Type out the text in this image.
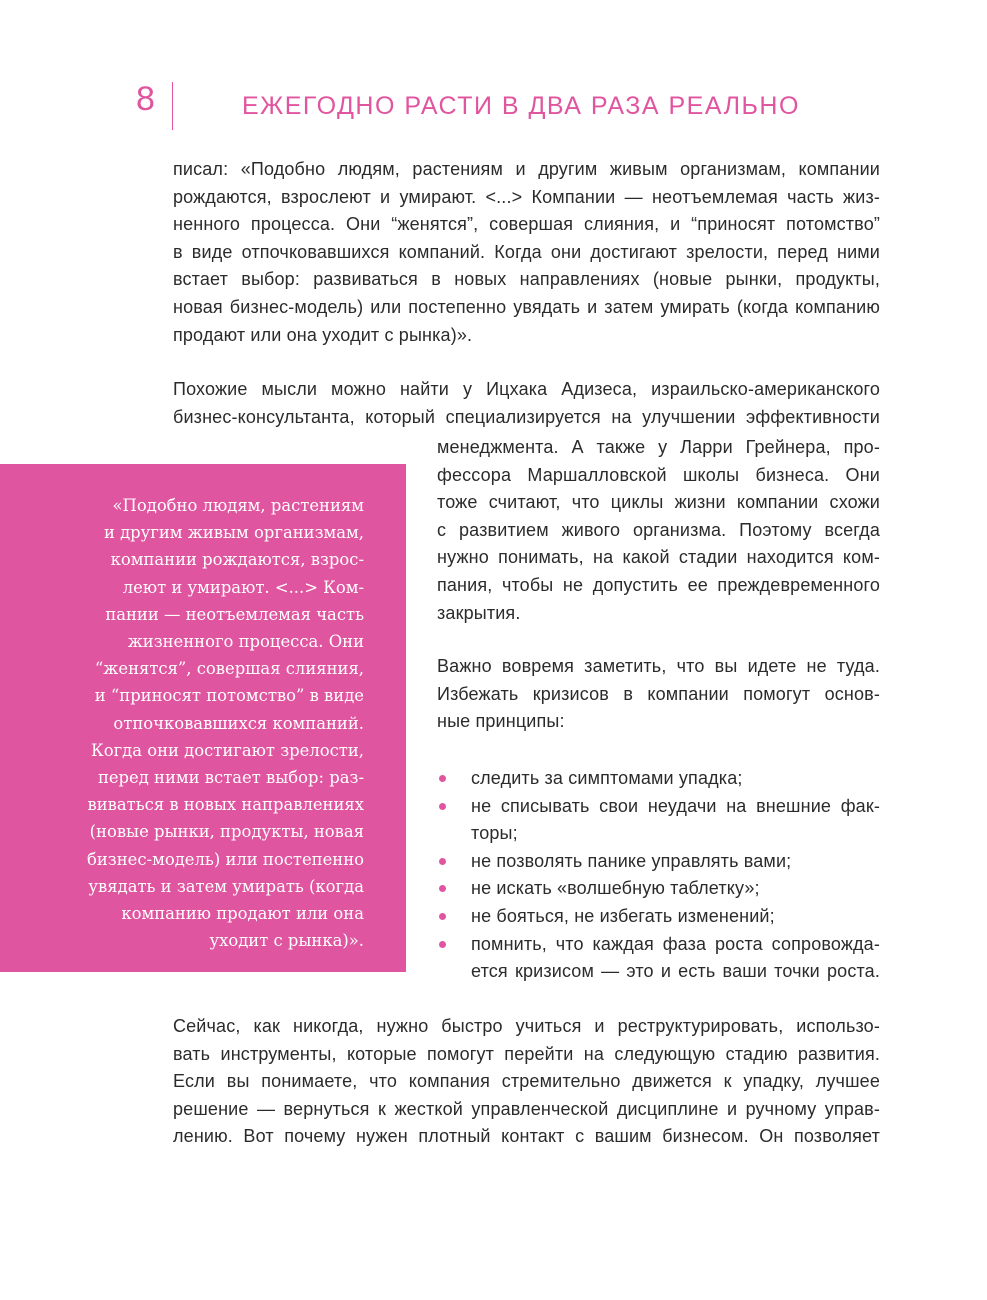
8	ЕЖЕГОДНО РАСТИ В ДВА РАЗА РЕАЛЬНО

писал: «Подобно людям, растениям и другим живым организмам, компании
рождаются, взрослеют и умирают. <...> Компании — неотъемлемая часть жиз-
ненного процесса. Они “женятся”, совершая слияния, и “приносят потомство”
в виде отпочковавшихся компаний. Когда они достигают зрелости, перед ними
встает выбор: развиваться в новых направлениях (новые рынки, продукты,
новая бизнес-модель) или постепенно увядать и затем умирать (когда компанию
продают или она уходит с рынка)».

Похожие мысли можно найти у Ицхака Адизеса, израильско-американского
бизнес-консультанта, который специализируется на улучшении эффективности

менеджмента. А также у Ларри Грейнера, про-
фессора Маршалловской школы бизнеса. Они
тоже считают, что циклы жизни компании схожи
с развитием живого организма. Поэтому всегда
нужно понимать, на какой стадии находится ком-
пания, чтобы не допустить ее преждевременного
закрытия.

Важно вовремя заметить, что вы идете не туда.
Избежать кризисов в компании помогут основ-
ные принципы:

следить за симптомами упадка;
не списывать свои неудачи на внешние фак-
торы;
не позволять панике управлять вами;
не искать «волшебную таблетку»;
не бояться, не избегать изменений;
помнить, что каждая фаза роста сопровожда-
ется кризисом — это и есть ваши точки роста.

Сейчас, как никогда, нужно быстро учиться и реструктурировать, использо-
вать инструменты, которые помогут перейти на следующую стадию развития.
Если вы понимаете, что компания стремительно движется к упадку, лучшее
решение — вернуться к жесткой управленческой дисциплине и ручному управ-
лению. Вот почему нужен плотный контакт с вашим бизнесом. Он позволяет

«Подобно людям, растениям
и другим живым организмам,
компании рождаются, взрос-
леют и умирают. <...> Ком-
пании — неотъемлемая часть
жизненного процесса. Они
“женятся”, совершая слияния,
и “приносят потомство” в виде
отпочковавшихся компаний.
Когда они достигают зрелости,
перед ними встает выбор: раз-
виваться в новых направлениях
(новые рынки, продукты, новая
бизнес-модель) или постепенно
увядать и затем умирать (когда
компанию продают или она
уходит с рынка)».
